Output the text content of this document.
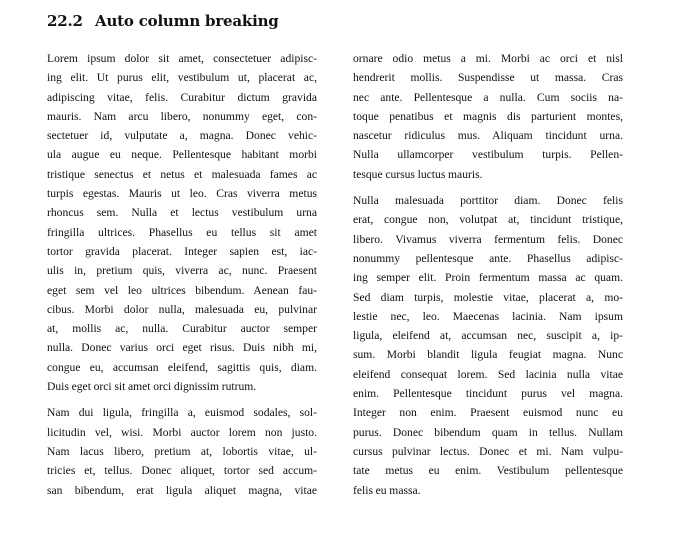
22.2 Auto column breaking
Lorem ipsum dolor sit amet, consectetuer adipisc-
ing elit. Ut purus elit, vestibulum ut, placerat ac,
adipiscing vitae, felis. Curabitur dictum gravida
mauris. Nam arcu libero, nonummy eget, con-
sectetuer id, vulputate a, magna. Donec vehic-
ula augue eu neque. Pellentesque habitant morbi
tristique senectus et netus et malesuada fames ac
turpis egestas. Mauris ut leo. Cras viverra metus
rhoncus sem. Nulla et lectus vestibulum urna
fringilla ultrices. Phasellus eu tellus sit amet
tortor gravida placerat. Integer sapien est, iac-
ulis in, pretium quis, viverra ac, nunc. Praesent
eget sem vel leo ultrices bibendum. Aenean fau-
cibus. Morbi dolor nulla, malesuada eu, pulvinar
at, mollis ac, nulla. Curabitur auctor semper
nulla. Donec varius orci eget risus. Duis nibh mi,
congue eu, accumsan eleifend, sagittis quis, diam.
Duis eget orci sit amet orci dignissim rutrum.
Nam dui ligula, fringilla a, euismod sodales, sol-
licitudin vel, wisi. Morbi auctor lorem non justo.
Nam lacus libero, pretium at, lobortis vitae, ul-
tricies et, tellus. Donec aliquet, tortor sed accum-
san bibendum, erat ligula aliquet magna, vitae
ornare odio metus a mi. Morbi ac orci et nisl
hendrerit mollis. Suspendisse ut massa. Cras
nec ante. Pellentesque a nulla. Cum sociis na-
toque penatibus et magnis dis parturient montes,
nascetur ridiculus mus. Aliquam tincidunt urna.
Nulla ullamcorper vestibulum turpis. Pellen-
tesque cursus luctus mauris.
Nulla malesuada porttitor diam. Donec felis
erat, congue non, volutpat at, tincidunt tristique,
libero. Vivamus viverra fermentum felis. Donec
nonummy pellentesque ante. Phasellus adipisc-
ing semper elit. Proin fermentum massa ac quam.
Sed diam turpis, molestie vitae, placerat a, mo-
lestie nec, leo. Maecenas lacinia. Nam ipsum
ligula, eleifend at, accumsan nec, suscipit a, ip-
sum. Morbi blandit ligula feugiat magna. Nunc
eleifend consequat lorem. Sed lacinia nulla vitae
enim. Pellentesque tincidunt purus vel magna.
Integer non enim. Praesent euismod nunc eu
purus. Donec bibendum quam in tellus. Nullam
cursus pulvinar lectus. Donec et mi. Nam vulpu-
tate metus eu enim. Vestibulum pellentesque
felis eu massa.
